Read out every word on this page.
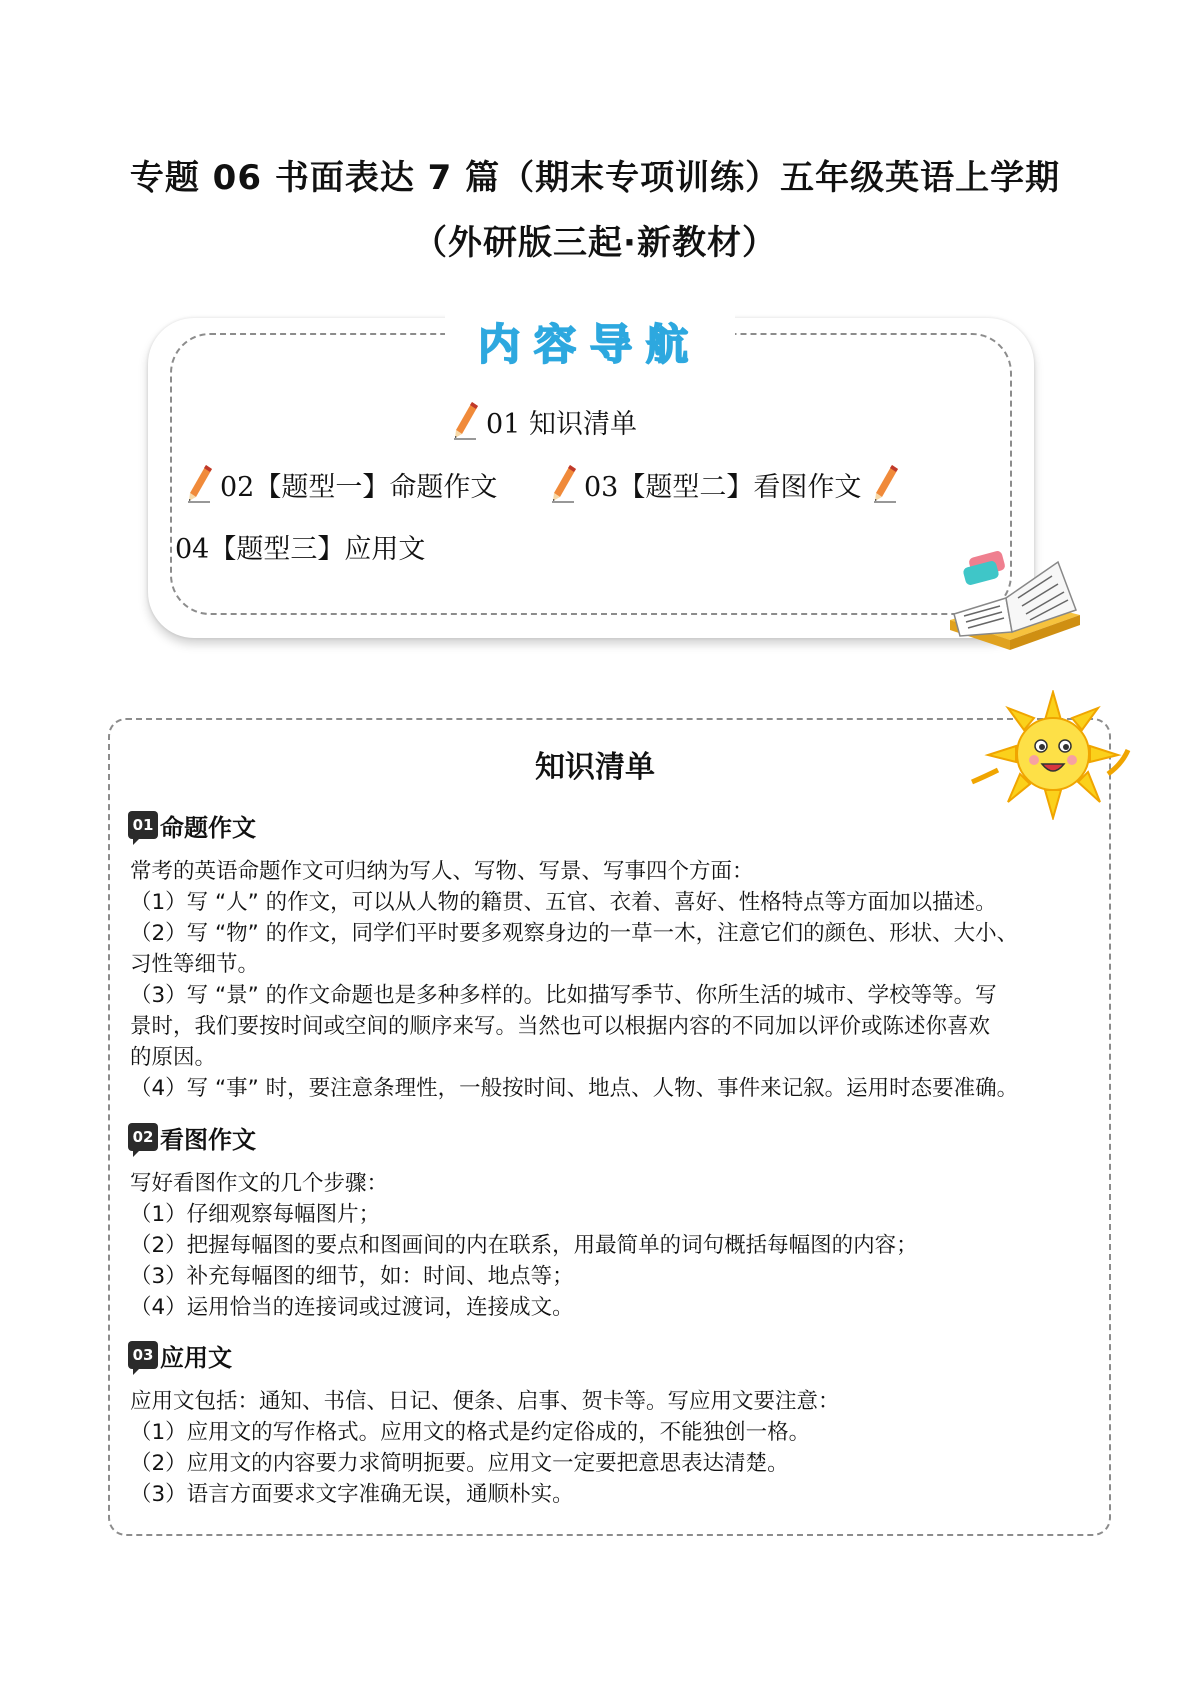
专题 06 书面表达 7 篇（期末专项训练）五年级英语上学期
（外研版三起·新教材）
内容导航
01 知识清单
02【题型一】命题作文	03【题型二】看图作文
04【题型三】应用文
知识清单
01 命题作文
常考的英语命题作文可归纳为写人、写物、写景、写事四个方面：
（1）写 “人” 的作文，可以从人物的籍贯、五官、衣着、喜好、性格特点等方面加以描述。
（2）写 “物” 的作文，同学们平时要多观察身边的一草一木，注意它们的颜色、形状、大小、
习性等细节。
（3）写 “景” 的作文命题也是多种多样的。比如描写季节、你所生活的城市、学校等等。写
景时，我们要按时间或空间的顺序来写。当然也可以根据内容的不同加以评价或陈述你喜欢
的原因。
（4）写 “事” 时，要注意条理性，一般按时间、地点、人物、事件来记叙。运用时态要准确。
02 看图作文
写好看图作文的几个步骤：
（1）仔细观察每幅图片；
（2）把握每幅图的要点和图画间的内在联系，用最简单的词句概括每幅图的内容；
（3）补充每幅图的细节，如：时间、地点等；
（4）运用恰当的连接词或过渡词，连接成文。
03 应用文
应用文包括：通知、书信、日记、便条、启事、贺卡等。写应用文要注意：
（1）应用文的写作格式。应用文的格式是约定俗成的，不能独创一格。
（2）应用文的内容要力求简明扼要。应用文一定要把意思表达清楚。
（3）语言方面要求文字准确无误，通顺朴实。
